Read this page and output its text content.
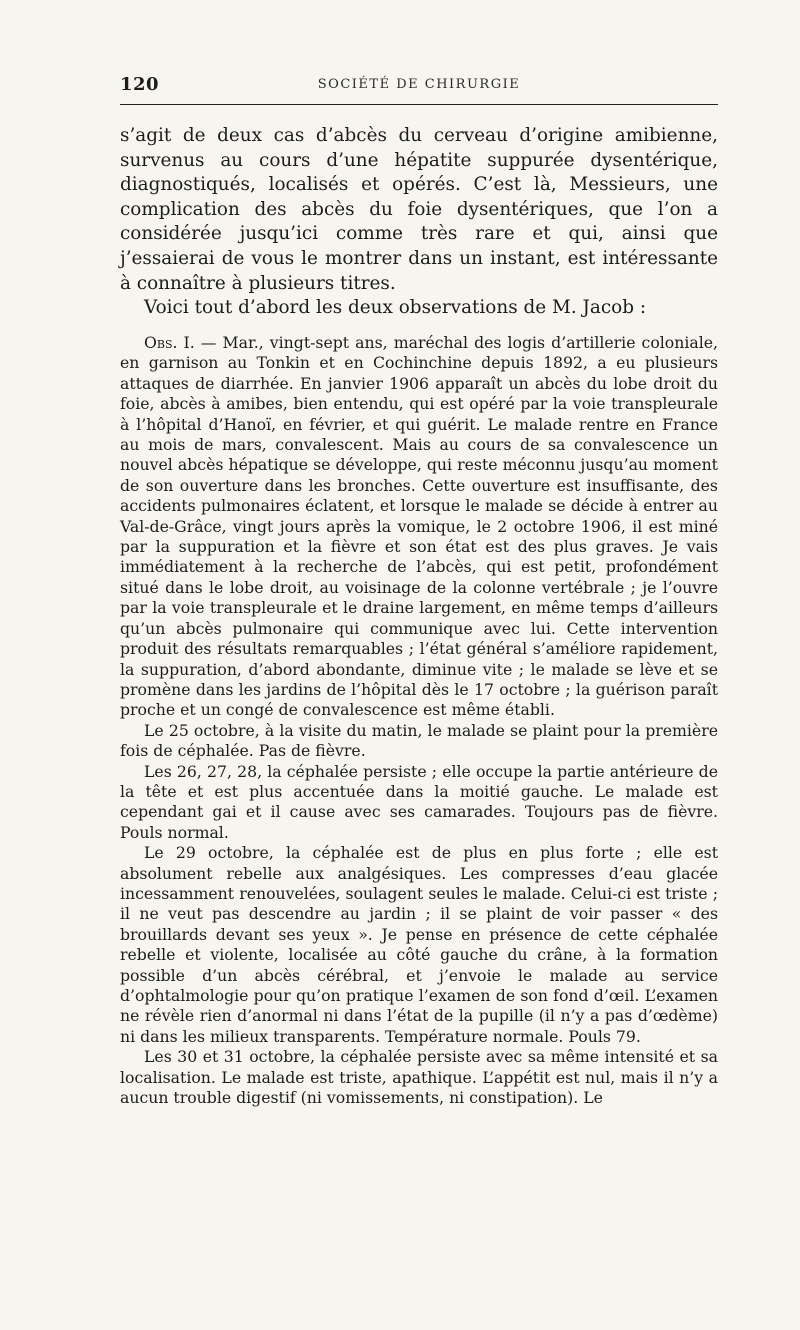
120	SOCIÉTÉ DE CHIRURGIE

s’agit de deux cas d’abcès du cerveau d’origine amibienne, survenus au cours d’une hépatite suppurée dysentérique, diagnostiqués, localisés et opérés. C’est là, Messieurs, une complication des abcès du foie dysentériques, que l’on a considérée jusqu’ici comme très rare et qui, ainsi que j’essaierai de vous le montrer dans un instant, est intéressante à connaître à plusieurs titres.

Voici tout d’abord les deux observations de M. Jacob :

Obs. I. — Mar., vingt-sept ans, maréchal des logis d’artillerie coloniale, en garnison au Tonkin et en Cochinchine depuis 1892, a eu plusieurs attaques de diarrhée. En janvier 1906 apparaît un abcès du lobe droit du foie, abcès à amibes, bien entendu, qui est opéré par la voie transpleurale à l’hôpital d’Hanoï, en février, et qui guérit. Le malade rentre en France au mois de mars, convalescent. Mais au cours de sa convalescence un nouvel abcès hépatique se développe, qui reste méconnu jusqu’au moment de son ouverture dans les bronches. Cette ouverture est insuffisante, des accidents pulmonaires éclatent, et lorsque le malade se décide à entrer au Val-de-Grâce, vingt jours après la vomique, le 2 octobre 1906, il est miné par la suppuration et la fièvre et son état est des plus graves. Je vais immédiatement à la recherche de l’abcès, qui est petit, profondément situé dans le lobe droit, au voisinage de la colonne vertébrale ; je l’ouvre par la voie transpleurale et le draine largement, en même temps d’ailleurs qu’un abcès pulmonaire qui communique avec lui. Cette intervention produit des résultats remarquables ; l’état général s’améliore rapidement, la suppuration, d’abord abondante, diminue vite ; le malade se lève et se promène dans les jardins de l’hôpital dès le 17 octobre ; la guérison paraît proche et un congé de convalescence est même établi.

Le 25 octobre, à la visite du matin, le malade se plaint pour la première fois de céphalée. Pas de fièvre.

Les 26, 27, 28, la céphalée persiste ; elle occupe la partie antérieure de la tête et est plus accentuée dans la moitié gauche. Le malade est cependant gai et il cause avec ses camarades. Toujours pas de fièvre. Pouls normal.

Le 29 octobre, la céphalée est de plus en plus forte ; elle est absolument rebelle aux analgésiques. Les compresses d’eau glacée incessamment renouvelées, soulagent seules le malade. Celui-ci est triste ; il ne veut pas descendre au jardin ; il se plaint de voir passer « des brouillards devant ses yeux ». Je pense en présence de cette céphalée rebelle et violente, localisée au côté gauche du crâne, à la formation possible d’un abcès cérébral, et j’envoie le malade au service d’ophtalmologie pour qu’on pratique l’examen de son fond d’œil. L’examen ne révèle rien d’anormal ni dans l’état de la pupille (il n’y a pas d’œdème) ni dans les milieux transparents. Température normale. Pouls 79.

Les 30 et 31 octobre, la céphalée persiste avec sa même intensité et sa localisation. Le malade est triste, apathique. L’appétit est nul, mais il n’y a aucun trouble digestif (ni vomissements, ni constipation). Le
